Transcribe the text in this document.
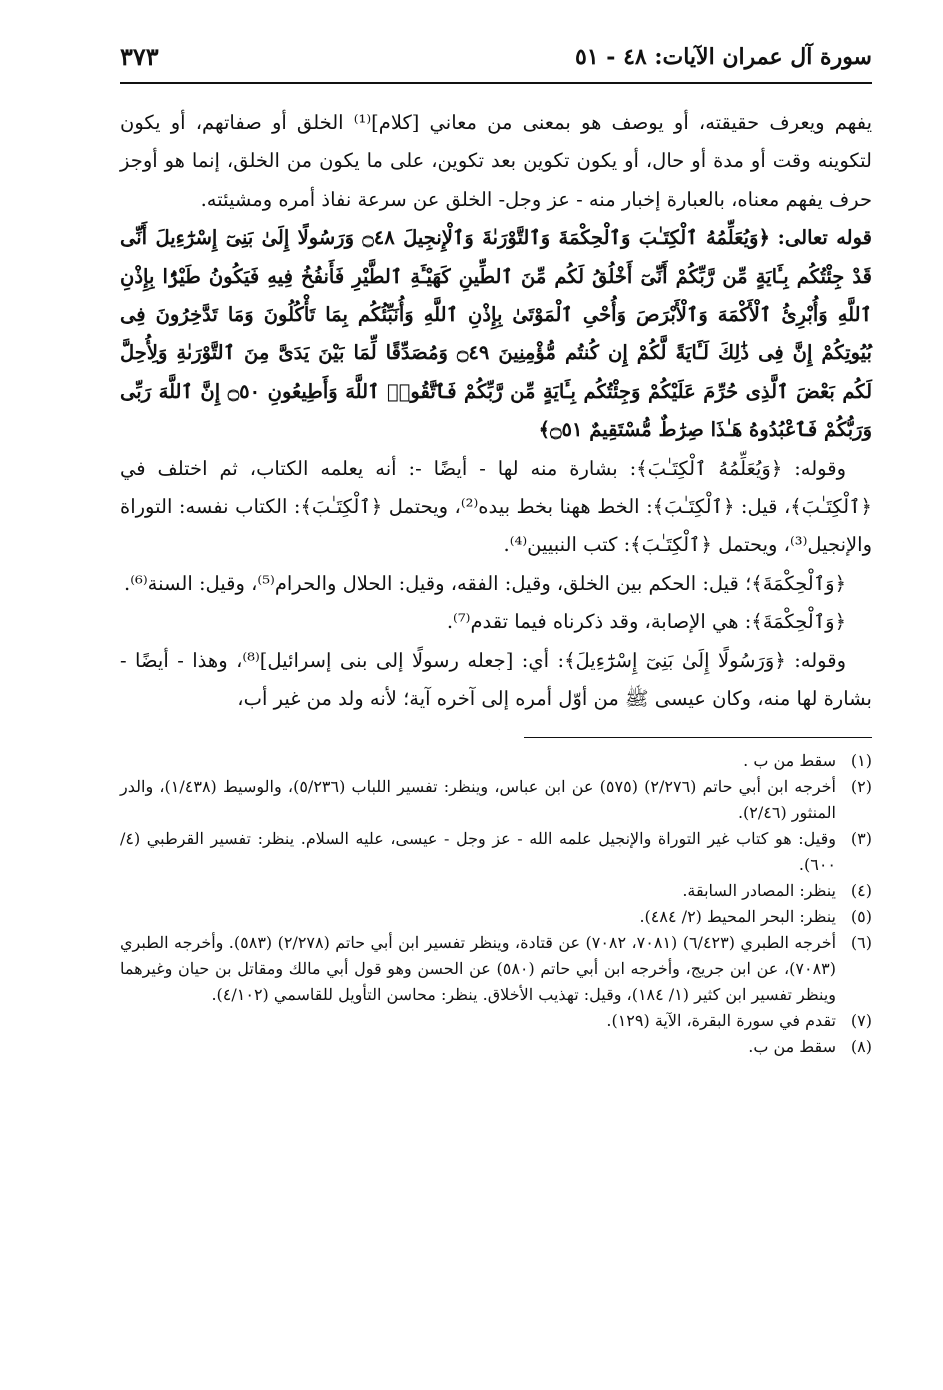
سورة آل عمران الآيات: ٤٨ - ٥١
٣٧٣

يفهم ويعرف حقيقته، أو يوصف هو بمعنى من معاني [كلام]⁽¹⁾ الخلق أو صفاتهم، أو يكون لتكوينه وقت أو مدة أو حال، أو يكون تكوين بعد تكوين، على ما يكون من الخلق، إنما هو أوجز حرف يفهم معناه، بالعبارة إخبار منه - عز وجل- الخلق عن سرعة نفاذ أمره ومشيئته.

قوله تعالى: ﴿وَيُعَلِّمُهُ ٱلْكِتَـٰبَ وَٱلْحِكْمَةَ وَٱلتَّوْرَىٰةَ وَٱلْإِنجِيلَ ۝٤٨ وَرَسُولًا إِلَىٰ بَنِىٓ إِسْرَٰٓءِيلَ أَنِّى قَدْ جِئْتُكُم بِـَٔايَةٍ مِّن رَّبِّكُمْ أَنِّىٓ أَخْلُقُ لَكُم مِّنَ ٱلطِّينِ كَهَيْـَٔةِ ٱلطَّيْرِ فَأَنفُخُ فِيهِ فَيَكُونُ طَيْرًۢا بِإِذْنِ ٱللَّهِ وَأُبْرِئُ ٱلْأَكْمَهَ وَٱلْأَبْرَصَ وَأُحْىِ ٱلْمَوْتَىٰ بِإِذْنِ ٱللَّهِ وَأُنَبِّئُكُم بِمَا تَأْكُلُونَ وَمَا تَدَّخِرُونَ فِى بُيُوتِكُمْ إِنَّ فِى ذَٰلِكَ لَـَٔايَةً لَّكُمْ إِن كُنتُم مُّؤْمِنِينَ ۝٤٩ وَمُصَدِّقًا لِّمَا بَيْنَ يَدَىَّ مِنَ ٱلتَّوْرَىٰةِ وَلِأُحِلَّ لَكُم بَعْضَ ٱلَّذِى حُرِّمَ عَلَيْكُمْ وَجِئْتُكُم بِـَٔايَةٍ مِّن رَّبِّكُمْ فَٱتَّقُوا۟ ٱللَّهَ وَأَطِيعُونِ ۝٥٠ إِنَّ ٱللَّهَ رَبِّى وَرَبُّكُمْ فَٱعْبُدُوهُ هَـٰذَا صِرَٰطٌ مُّسْتَقِيمٌ ۝٥١﴾

وقوله: ﴿وَيُعَلِّمُهُ ٱلْكِتَـٰبَ﴾: بشارة منه لها - أيضًا -: أنه يعلمه الكتاب، ثم اختلف في ﴿ٱلْكِتَـٰبَ﴾، قيل: ﴿ٱلْكِتَـٰبَ﴾: الخط ههنا بخط بيده⁽²⁾، ويحتمل ﴿ٱلْكِتَـٰبَ﴾: الكتاب نفسه: التوراة والإنجيل⁽³⁾، ويحتمل ﴿ٱلْكِتَـٰبَ﴾: كتب النبيين⁽⁴⁾.

﴿وَٱلْحِكْمَةَ﴾؛ قيل: الحكم بين الخلق، وقيل: الفقه، وقيل: الحلال والحرام⁽⁵⁾، وقيل: السنة⁽⁶⁾.

﴿وَٱلْحِكْمَةَ﴾: هي الإصابة، وقد ذكرناه فيما تقدم⁽⁷⁾.

وقوله: ﴿وَرَسُولًا إِلَىٰ بَنِىٓ إِسْرَٰٓءِيلَ﴾: أي: [جعله رسولًا إلى بنى إسرائيل]⁽⁸⁾، وهذا - أيضًا - بشارة لها منه، وكان عيسى ﷺ من أوّل أمره إلى آخره آية؛ لأنه ولد من غير أب،

(١)
سقط من ب .
(٢)
أخرجه ابن أبي حاتم (٢/٢٧٦) (٥٧٥) عن ابن عباس، وينظر: تفسير اللباب (٥/٢٣٦)، والوسيط (١/٤٣٨)، والدر المنثور (٢/٤٦).
(٣)
وقيل: هو كتاب غير التوراة والإنجيل علمه الله - عز وجل - عيسى، عليه السلام. ينظر: تفسير القرطبي (٤/ ٦٠٠).
(٤)
ينظر: المصادر السابقة.
(٥)
ينظر: البحر المحيط (٢/ ٤٨٤).
(٦)
أخرجه الطبري (٦/٤٢٣) (٧٠٨١، ٧٠٨٢) عن قتادة، وينظر تفسير ابن أبي حاتم (٢/٢٧٨) (٥٨٣). وأخرجه الطبري (٧٠٨٣)، عن ابن جريج، وأخرجه ابن أبي حاتم (٥٨٠) عن الحسن وهو قول أبي مالك ومقاتل بن حيان وغيرهما وينظر تفسير ابن كثير (١/ ١٨٤)، وقيل: تهذيب الأخلاق. ينظر: محاسن التأويل للقاسمي (٤/١٠٢).
(٧)
تقدم في سورة البقرة، الآية (١٢٩).
(٨)
سقط من ب.
